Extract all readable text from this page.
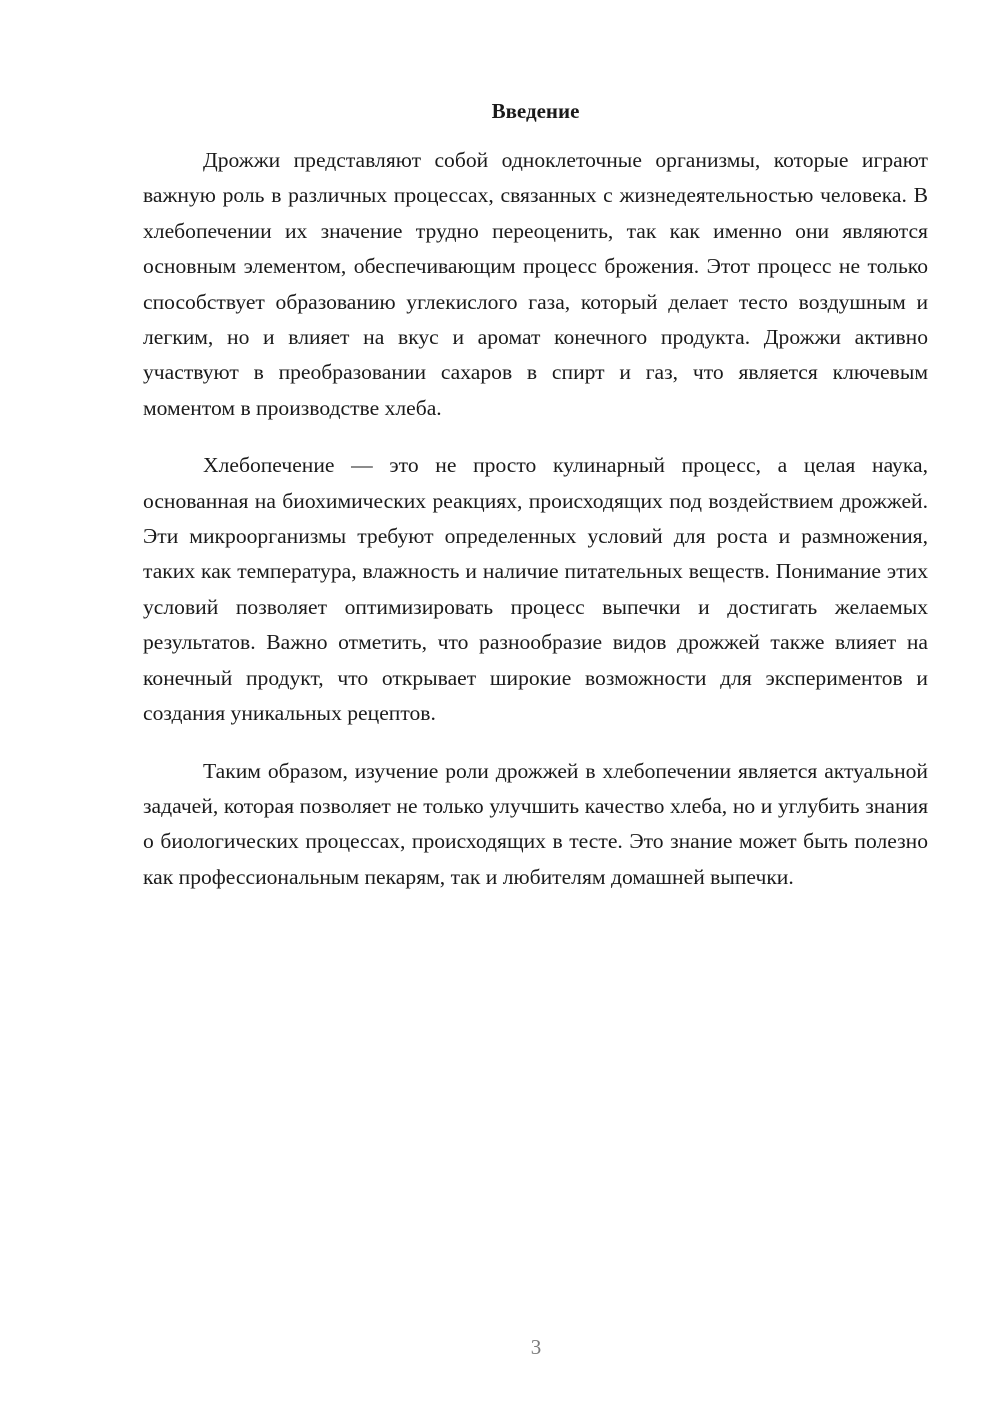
Введение

Дрожжи представляют собой одноклеточные организмы, которые играют важную роль в различных процессах, связанных с жизнедеятельностью человека. В хлебопечении их значение трудно переоценить, так как именно они являются основным элементом, обеспечивающим процесс брожения. Этот процесс не только способствует образованию углекислого газа, который делает тесто воздушным и легким, но и влияет на вкус и аромат конечного продукта. Дрожжи активно участвуют в преобразовании сахаров в спирт и газ, что является ключевым моментом в производстве хлеба.

Хлебопечение — это не просто кулинарный процесс, а целая наука, основанная на биохимических реакциях, происходящих под воздействием дрожжей. Эти микроорганизмы требуют определенных условий для роста и размножения, таких как температура, влажность и наличие питательных веществ. Понимание этих условий позволяет оптимизировать процесс выпечки и достигать желаемых результатов. Важно отметить, что разнообразие видов дрожжей также влияет на конечный продукт, что открывает широкие возможности для экспериментов и создания уникальных рецептов.

Таким образом, изучение роли дрожжей в хлебопечении является актуальной задачей, которая позволяет не только улучшить качество хлеба, но и углубить знания о биологических процессах, происходящих в тесте. Это знание может быть полезно как профессиональным пекарям, так и любителям домашней выпечки.

3
